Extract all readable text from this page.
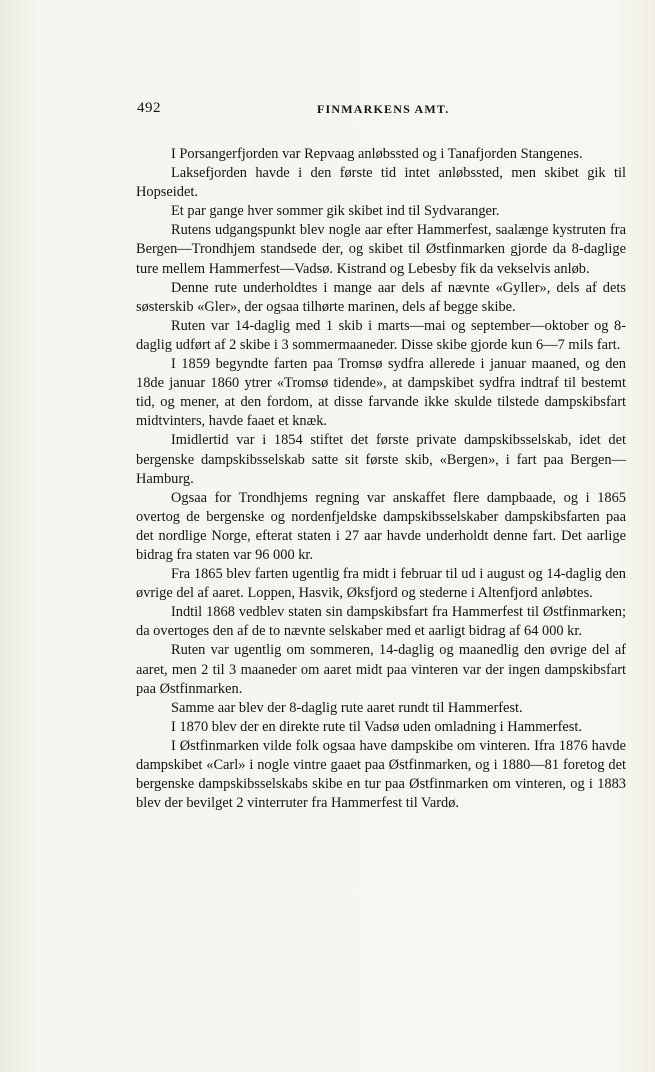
492	FINMARKENS AMT.

I Porsangerfjorden var Repvaag anløbssted og i Tanafjorden Stangenes.

Laksefjorden havde i den første tid intet anløbssted, men skibet gik til Hopseidet.

Et par gange hver sommer gik skibet ind til Sydvaranger.

Rutens udgangspunkt blev nogle aar efter Hammerfest, saalænge kystruten fra Bergen—Trondhjem standsede der, og skibet til Østfinmarken gjorde da 8-daglige ture mellem Hammerfest—Vadsø. Kistrand og Lebesby fik da vekselvis anløb.

Denne rute underholdtes i mange aar dels af nævnte «Gyller», dels af dets søsterskib «Gler», der ogsaa tilhørte marinen, dels af begge skibe.

Ruten var 14-daglig med 1 skib i marts—mai og september—oktober og 8-daglig udført af 2 skibe i 3 sommermaaneder. Disse skibe gjorde kun 6—7 mils fart.

I 1859 begyndte farten paa Tromsø sydfra allerede i januar maaned, og den 18de januar 1860 ytrer «Tromsø tidende», at dampskibet sydfra indtraf til bestemt tid, og mener, at den fordom, at disse farvande ikke skulde tilstede dampskibsfart midtvinters, havde faaet et knæk.

Imidlertid var i 1854 stiftet det første private dampskibsselskab, idet det bergenske dampskibsselskab satte sit første skib, «Bergen», i fart paa Bergen—Hamburg.

Ogsaa for Trondhjems regning var anskaffet flere dampbaade, og i 1865 overtog de bergenske og nordenfjeldske dampskibsselskaber dampskibsfarten paa det nordlige Norge, efterat staten i 27 aar havde underholdt denne fart. Det aarlige bidrag fra staten var 96 000 kr.

Fra 1865 blev farten ugentlig fra midt i februar til ud i august og 14-daglig den øvrige del af aaret. Loppen, Hasvik, Øksfjord og stederne i Altenfjord anløbtes.

Indtil 1868 vedblev staten sin dampskibsfart fra Hammerfest til Østfinmarken; da overtoges den af de to nævnte selskaber med et aarligt bidrag af 64 000 kr.

Ruten var ugentlig om sommeren, 14-daglig og maanedlig den øvrige del af aaret, men 2 til 3 maaneder om aaret midt paa vinteren var der ingen dampskibsfart paa Østfinmarken.

Samme aar blev der 8-daglig rute aaret rundt til Hammerfest.

I 1870 blev der en direkte rute til Vadsø uden omladning i Hammerfest.

I Østfinmarken vilde folk ogsaa have dampskibe om vinteren. Ifra 1876 havde dampskibet «Carl» i nogle vintre gaaet paa Østfinmarken, og i 1880—81 foretog det bergenske dampskibsselskabs skibe en tur paa Østfinmarken om vinteren, og i 1883 blev der bevilget 2 vinterruter fra Hammerfest til Vardø.
